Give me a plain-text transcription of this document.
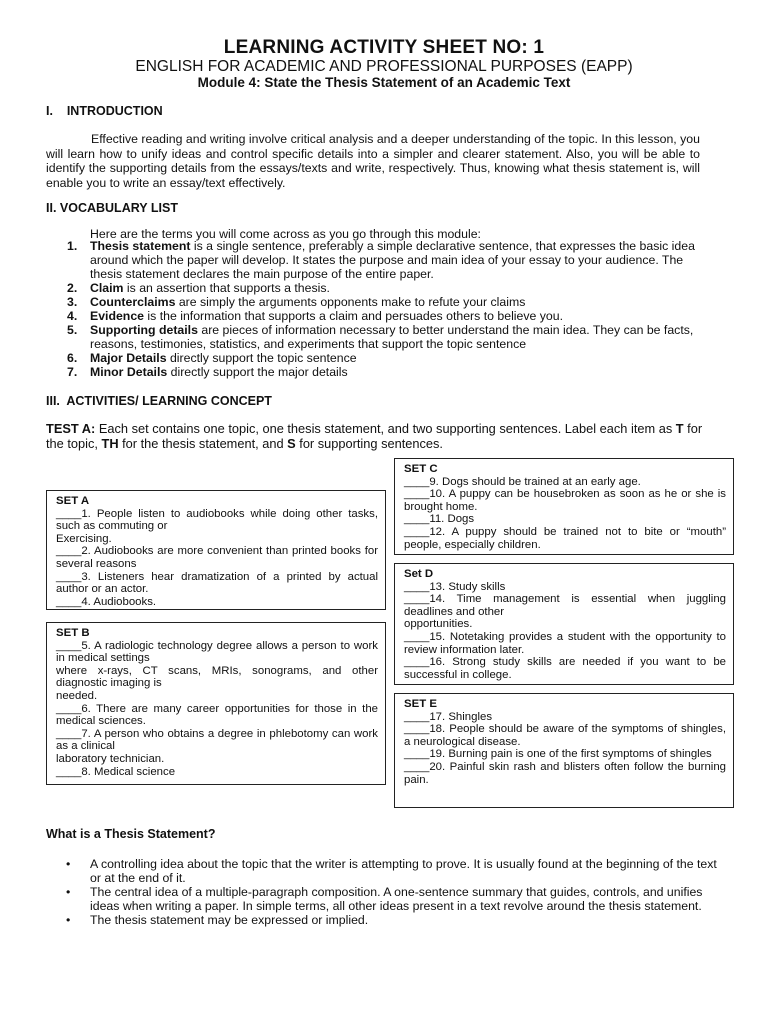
LEARNING ACTIVITY SHEET NO: 1
ENGLISH FOR ACADEMIC AND PROFESSIONAL PURPOSES (EAPP)
Module 4: State the Thesis Statement of an Academic Text
I.    INTRODUCTION
Effective reading and writing involve critical analysis and a deeper understanding of the topic. In this lesson, you will learn how to unify ideas and control specific details into a simpler and clearer statement. Also, you will be able to identify the supporting details from the essays/texts and write, respectively. Thus, knowing what thesis statement is, will enable you to write an essay/text effectively.
II. VOCABULARY LIST
Here are the terms you will come across as you go through this module:
1. Thesis statement is a single sentence, preferably a simple declarative sentence, that expresses the basic idea around which the paper will develop. It states the purpose and main idea of your essay to your audience. The thesis statement declares the main purpose of the entire paper.
2. Claim is an assertion that supports a thesis.
3. Counterclaims are simply the arguments opponents make to refute your claims
4. Evidence is the information that supports a claim and persuades others to believe you.
5. Supporting details are pieces of information necessary to better understand the main idea. They can be facts, reasons, testimonies, statistics, and experiments that support the topic sentence
6. Major Details directly support the topic sentence
7. Minor Details directly support the major details
III.  ACTIVITIES/ LEARNING CONCEPT
TEST A: Each set contains one topic, one thesis statement, and two supporting sentences. Label each item as T for the topic, TH for the thesis statement, and S for supporting sentences.
SET A
____1. People listen to audiobooks while doing other tasks, such as commuting or
Exercising.
____2. Audiobooks are more convenient than printed books for several reasons
____3. Listeners hear dramatization of a printed by actual author or an actor.
____4. Audiobooks.
SET B
____5. A radiologic technology degree allows a person to work in medical settings
where x-rays, CT scans, MRIs, sonograms, and other diagnostic imaging is
needed.
____6. There are many career opportunities for those in the medical sciences.
____7. A person who obtains a degree in phlebotomy can work as a clinical
laboratory technician.
____8. Medical science
SET C
____9. Dogs should be trained at an early age.
____10. A puppy can be housebroken as soon as he or she is brought home.
____11. Dogs
____12. A puppy should be trained not to bite or “mouth” people, especially children.
Set D
____13. Study skills
____14. Time management is essential when juggling deadlines and other
opportunities.
____15. Notetaking provides a student with the opportunity to review information later.
____16. Strong study skills are needed if you want to be successful in college.
SET E
____17. Shingles
____18. People should be aware of the symptoms of shingles, a neurological disease.
____19. Burning pain is one of the first symptoms of shingles
____20. Painful skin rash and blisters often follow the burning pain.
What is a Thesis Statement?
• A controlling idea about the topic that the writer is attempting to prove. It is usually found at the beginning of the text or at the end of it.
• The central idea of a multiple-paragraph composition. A one-sentence summary that guides, controls, and unifies ideas when writing a paper. In simple terms, all other ideas present in a text revolve around the thesis statement.
• The thesis statement may be expressed or implied.
